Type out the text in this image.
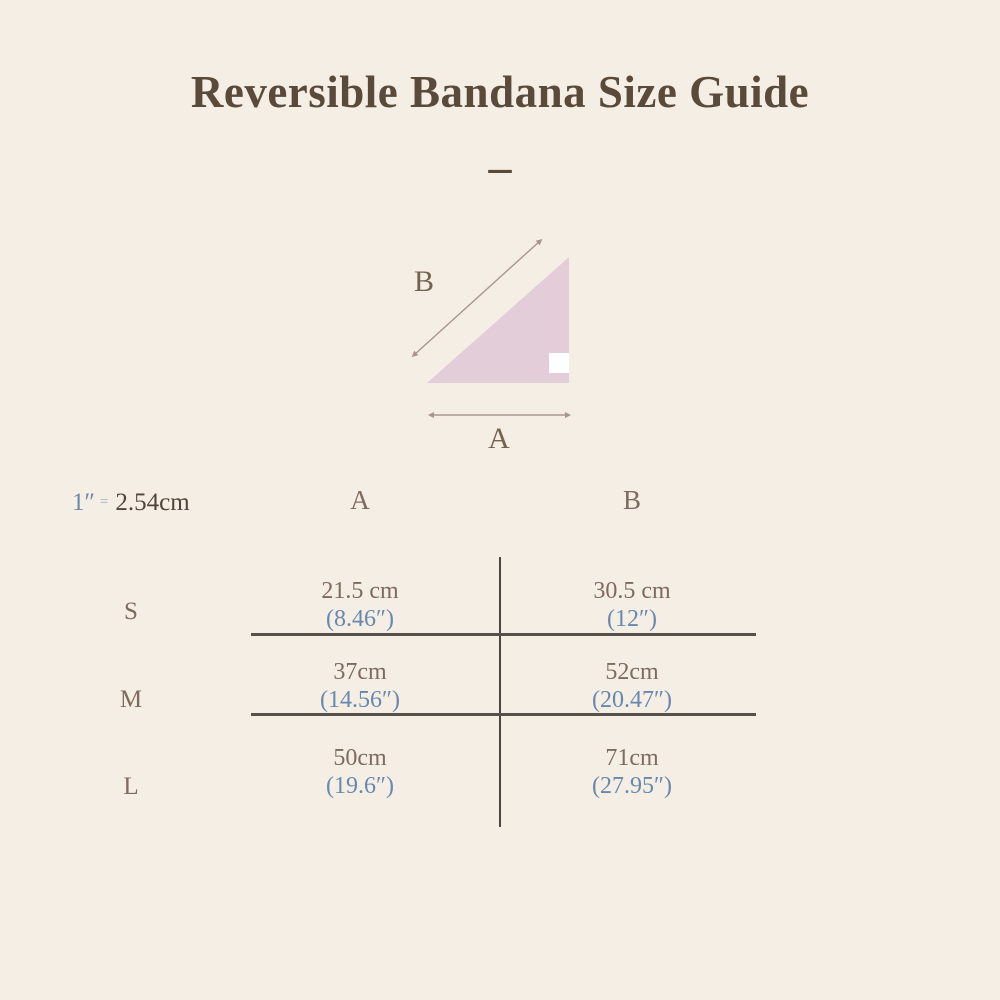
Reversible Bandana Size Guide
–
B
A
1″ = 2.54cm	A	B
S
21.5 cm
(8.46″)
30.5 cm
(12″)
M
37cm
(14.56″)
52cm
(20.47″)
L
50cm
(19.6″)
71cm
(27.95″)
